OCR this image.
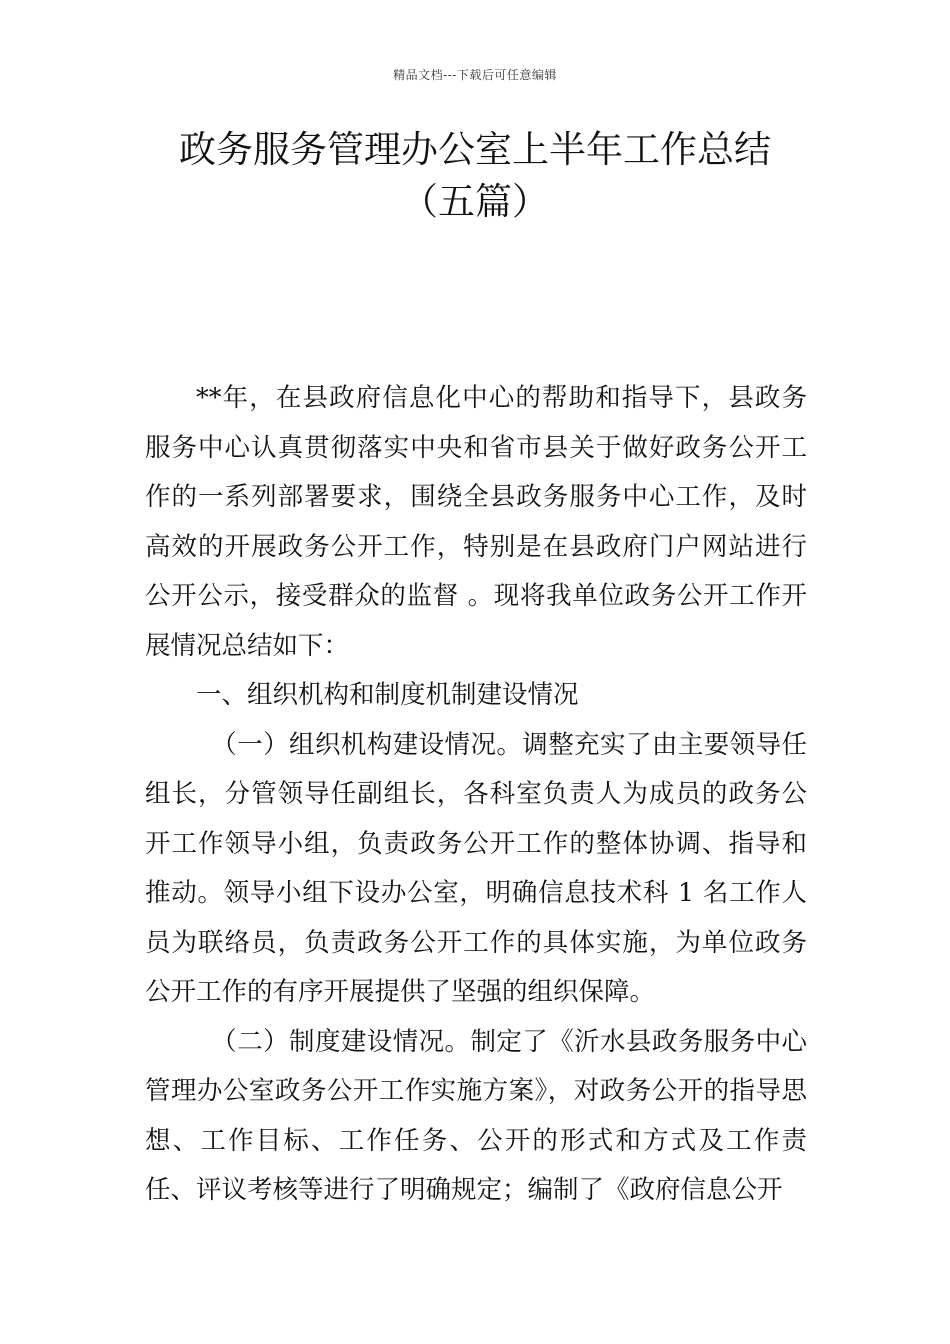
精品文档---下载后可任意编辑
政务服务管理办公室上半年工作总结
（五篇）

**年，在县政府信息化中心的帮助和指导下，县政务服务中心认真贯彻落实中央和省市县关于做好政务公开工作的一系列部署要求，围绕全县政务服务中心工作，及时高效的开展政务公开工作，特别是在县政府门户网站进行公开公示，接受群众的监督 。现将我单位政务公开工作开展情况总结如下：

一、组织机构和制度机制建设情况

（一）组织机构建设情况。调整充实了由主要领导任组长，分管领导任副组长，各科室负责人为成员的政务公开工作领导小组，负责政务公开工作的整体协调、指导和推动。领导小组下设办公室，明确信息技术科 1 名工作人员为联络员，负责政务公开工作的具体实施，为单位政务公开工作的有序开展提供了坚强的组织保障。

（二）制度建设情况。制定了《沂水县政务服务中心管理办公室政务公开工作实施方案》，对政务公开的指导思想、工作目标、工作任务、公开的形式和方式及工作责任、评议考核等进行了明确规定；编制了《政府信息公开
